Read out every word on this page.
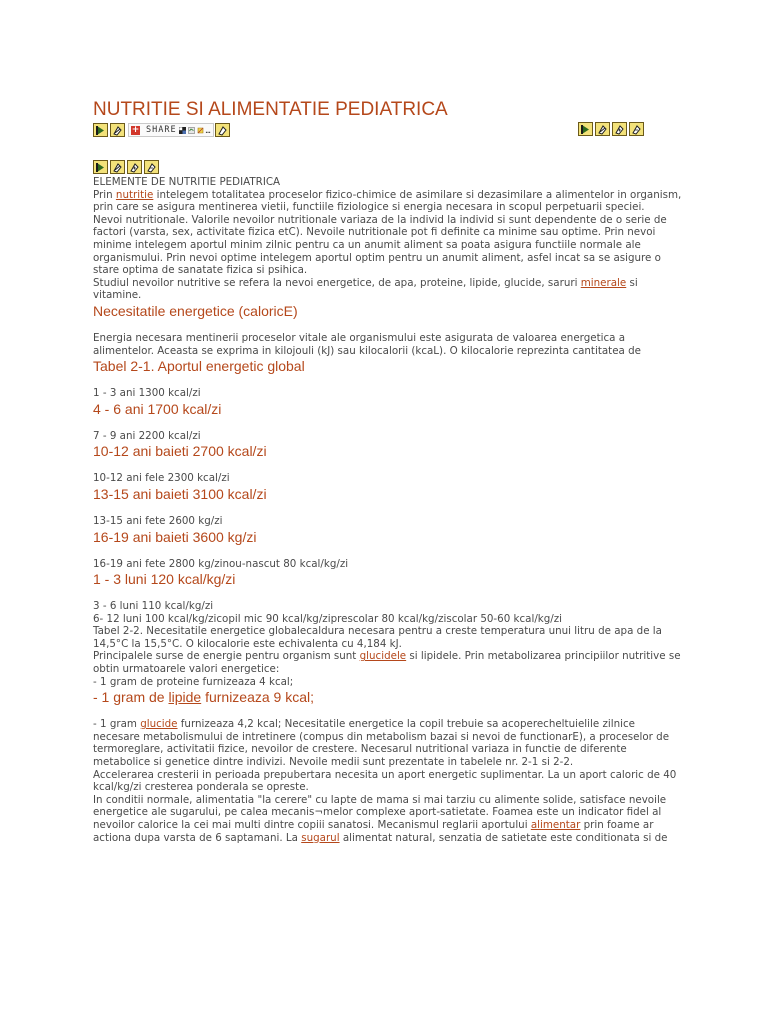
NUTRITIE SI ALIMENTATIE PEDIATRICA
+ SHARE	…

ELEMENTE DE NUTRITIE PEDIATRICA

Prin nutritie intelegem totalitatea proceselor fizico-chimice de asimilare si dezasimilare a alimentelor in organism, prin care se asigura mentinerea vietii, functiile fiziologice si energia necesara in scopul perpetuarii speciei.

Nevoi nutritionale. Valorile nevoilor nutritionale variaza de la individ la individ si sunt dependente de o serie de factori (varsta, sex, activitate fizica etC). Nevoile nutritionale pot fi definite ca minime sau optime. Prin nevoi minime intelegem aportul minim zilnic pentru ca un anumit aliment sa poata asigura functiile normale ale organismului. Prin nevoi optime intelegem aportul optim pentru un anumit aliment, asfel incat sa se asigure o stare optima de sanatate fizica si psihica.

Studiul nevoilor nutritive se refera la nevoi energetice, de apa, proteine, lipide, glucide, saruri minerale si vitamine.

Necesitatile energetice (caloricE)

Energia necesara mentinerii proceselor vitale ale organismului este asigurata de valoarea energetica a alimentelor. Aceasta se exprima in kilojouli (kJ) sau kilocalorii (kcaL). O kilocalorie reprezinta cantitatea de

Tabel 2-1. Aportul energetic global

1 - 3 ani 1300 kcal/zi

4 - 6 ani 1700 kcal/zi

7 - 9 ani 2200 kcal/zi

10-12 ani baieti 2700 kcal/zi

10-12 ani fele 2300 kcal/zi

13-15 ani baieti 3100 kcal/zi

13-15 ani fete 2600 kg/zi

16-19 ani baieti 3600 kg/zi

16-19 ani fete 2800 kg/zinou-nascut 80 kcal/kg/zi

1 - 3 luni 120 kcal/kg/zi

3 - 6 luni 110 kcal/kg/zi

6- 12 luni 100 kcal/kg/zicopil mic 90 kcal/kg/ziprescolar 80 kcal/kg/ziscolar 50-60 kcal/kg/zi

Tabel 2-2. Necesitatile energetice globalecaldura necesara pentru a creste temperatura unui litru de apa de la 14,5°C la 15,5°C. O kilocalorie este echivalenta cu 4,184 kJ.

Principalele surse de energie pentru organism sunt glucidele si lipidele. Prin metabolizarea principiilor nutritive se obtin urmatoarele valori energetice:

- 1 gram de proteine furnizeaza 4 kcal;

- 1 gram de lipide furnizeaza 9 kcal;

- 1 gram glucide furnizeaza 4,2 kcal; Necesitatile energetice la copil trebuie sa acoperecheltuielile zilnice necesare metabolismului de intretinere (compus din metabolism bazai si nevoi de functionarE), a proceselor de termoreglare, activitatii fizice, nevoilor de crestere. Necesarul nutritional variaza in functie de diferente metabolice si genetice dintre indivizi. Nevoile medii sunt prezentate in tabelele nr. 2-1 si 2-2.

Accelerarea cresterii in perioada prepubertara necesita un aport energetic suplimentar. La un aport caloric de 40 kcal/kg/zi cresterea ponderala se opreste.

In conditii normale, alimentatia "la cerere" cu lapte de mama si mai tarziu cu alimente solide, satisface nevoile energetice ale sugarului, pe calea mecanis¬melor complexe aport-satietate. Foamea este un indicator fidel al nevoilor calorice la cei mai multi dintre copiii sanatosi. Mecanismul reglarii aportului alimentar prin foame ar actiona dupa varsta de 6 saptamani. La sugarul alimentat natural, senzatia de satietate este conditionata si de
